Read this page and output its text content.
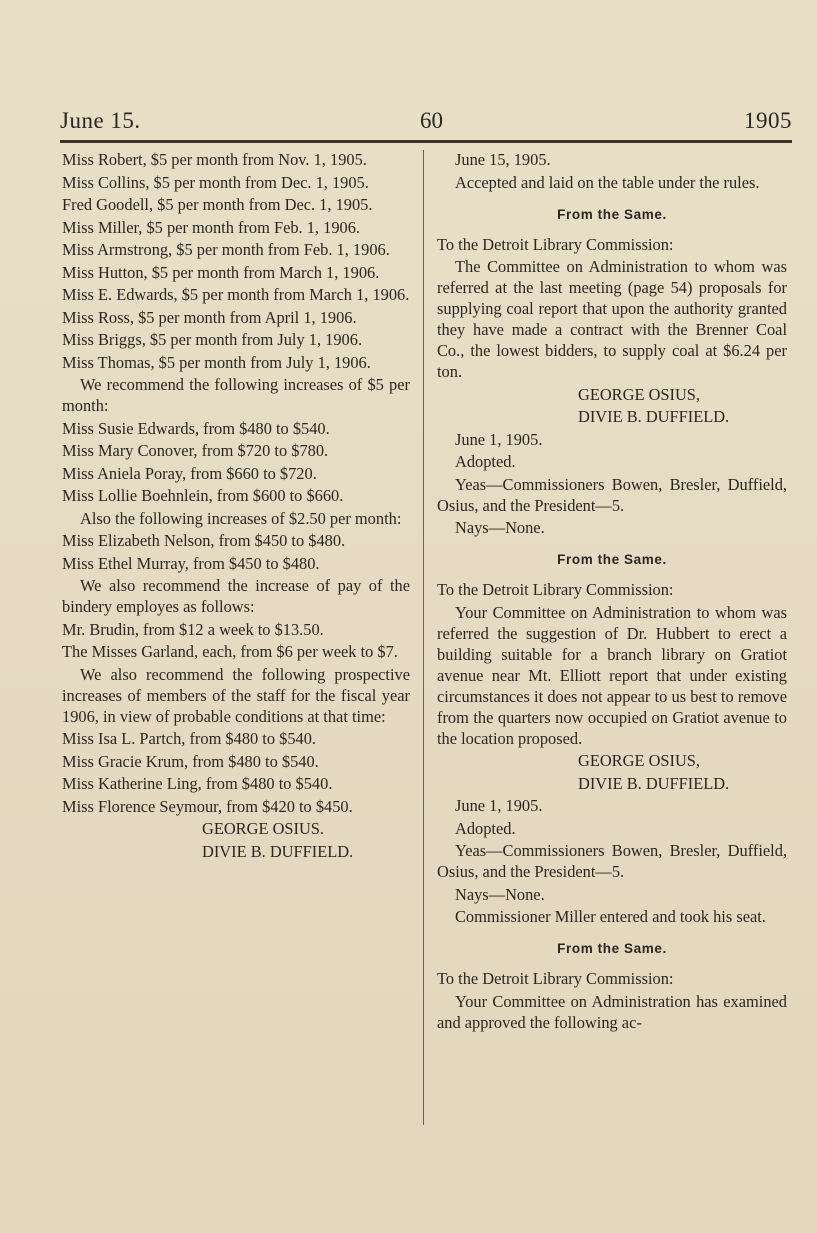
June 15.	60	1905

Miss Robert, $5 per month from Nov. 1, 1905.

Miss Collins, $5 per month from Dec. 1, 1905.

Fred Goodell, $5 per month from Dec. 1, 1905.

Miss Miller, $5 per month from Feb. 1, 1906.

Miss Armstrong, $5 per month from Feb. 1, 1906.

Miss Hutton, $5 per month from March 1, 1906.

Miss E. Edwards, $5 per month from March 1, 1906.

Miss Ross, $5 per month from April 1, 1906.

Miss Briggs, $5 per month from July 1, 1906.

Miss Thomas, $5 per month from July 1, 1906.

We recommend the following increases of $5 per month:

Miss Susie Edwards, from $480 to $540.

Miss Mary Conover, from $720 to $780.

Miss Aniela Poray, from $660 to $720.

Miss Lollie Boehnlein, from $600 to $660.

Also the following increases of $2.50 per month:

Miss Elizabeth Nelson, from $450 to $480.

Miss Ethel Murray, from $450 to $480.

We also recommend the increase of pay of the bindery employes as follows:

Mr. Brudin, from $12 a week to $13.50.

The Misses Garland, each, from $6 per week to $7.

We also recommend the following prospective increases of members of the staff for the fiscal year 1906, in view of probable conditions at that time:

Miss Isa L. Partch, from $480 to $540.

Miss Gracie Krum, from $480 to $540.

Miss Katherine Ling, from $480 to $540.

Miss Florence Seymour, from $420 to $450.

GEORGE OSIUS.

DIVIE B. DUFFIELD.

June 15, 1905.

Accepted and laid on the table under the rules.

From the Same.

To the Detroit Library Commission:

The Committee on Administration to whom was referred at the last meeting (page 54) proposals for supplying coal report that upon the authority granted they have made a contract with the Brenner Coal Co., the lowest bidders, to supply coal at $6.24 per ton.

GEORGE OSIUS,

DIVIE B. DUFFIELD.

June 1, 1905.

Adopted.

Yeas—Commissioners Bowen, Bresler, Duffield, Osius, and the President—5.

Nays—None.

From the Same.

To the Detroit Library Commission:

Your Committee on Administration to whom was referred the suggestion of Dr. Hubbert to erect a building suitable for a branch library on Gratiot avenue near Mt. Elliott report that under existing circumstances it does not appear to us best to remove from the quarters now occupied on Gratiot avenue to the location proposed.

GEORGE OSIUS,

DIVIE B. DUFFIELD.

June 1, 1905.

Adopted.

Yeas—Commissioners Bowen, Bresler, Duffield, Osius, and the President—5.

Nays—None.

Commissioner Miller entered and took his seat.

From the Same.

To the Detroit Library Commission:

Your Committee on Administration has examined and approved the following ac-
